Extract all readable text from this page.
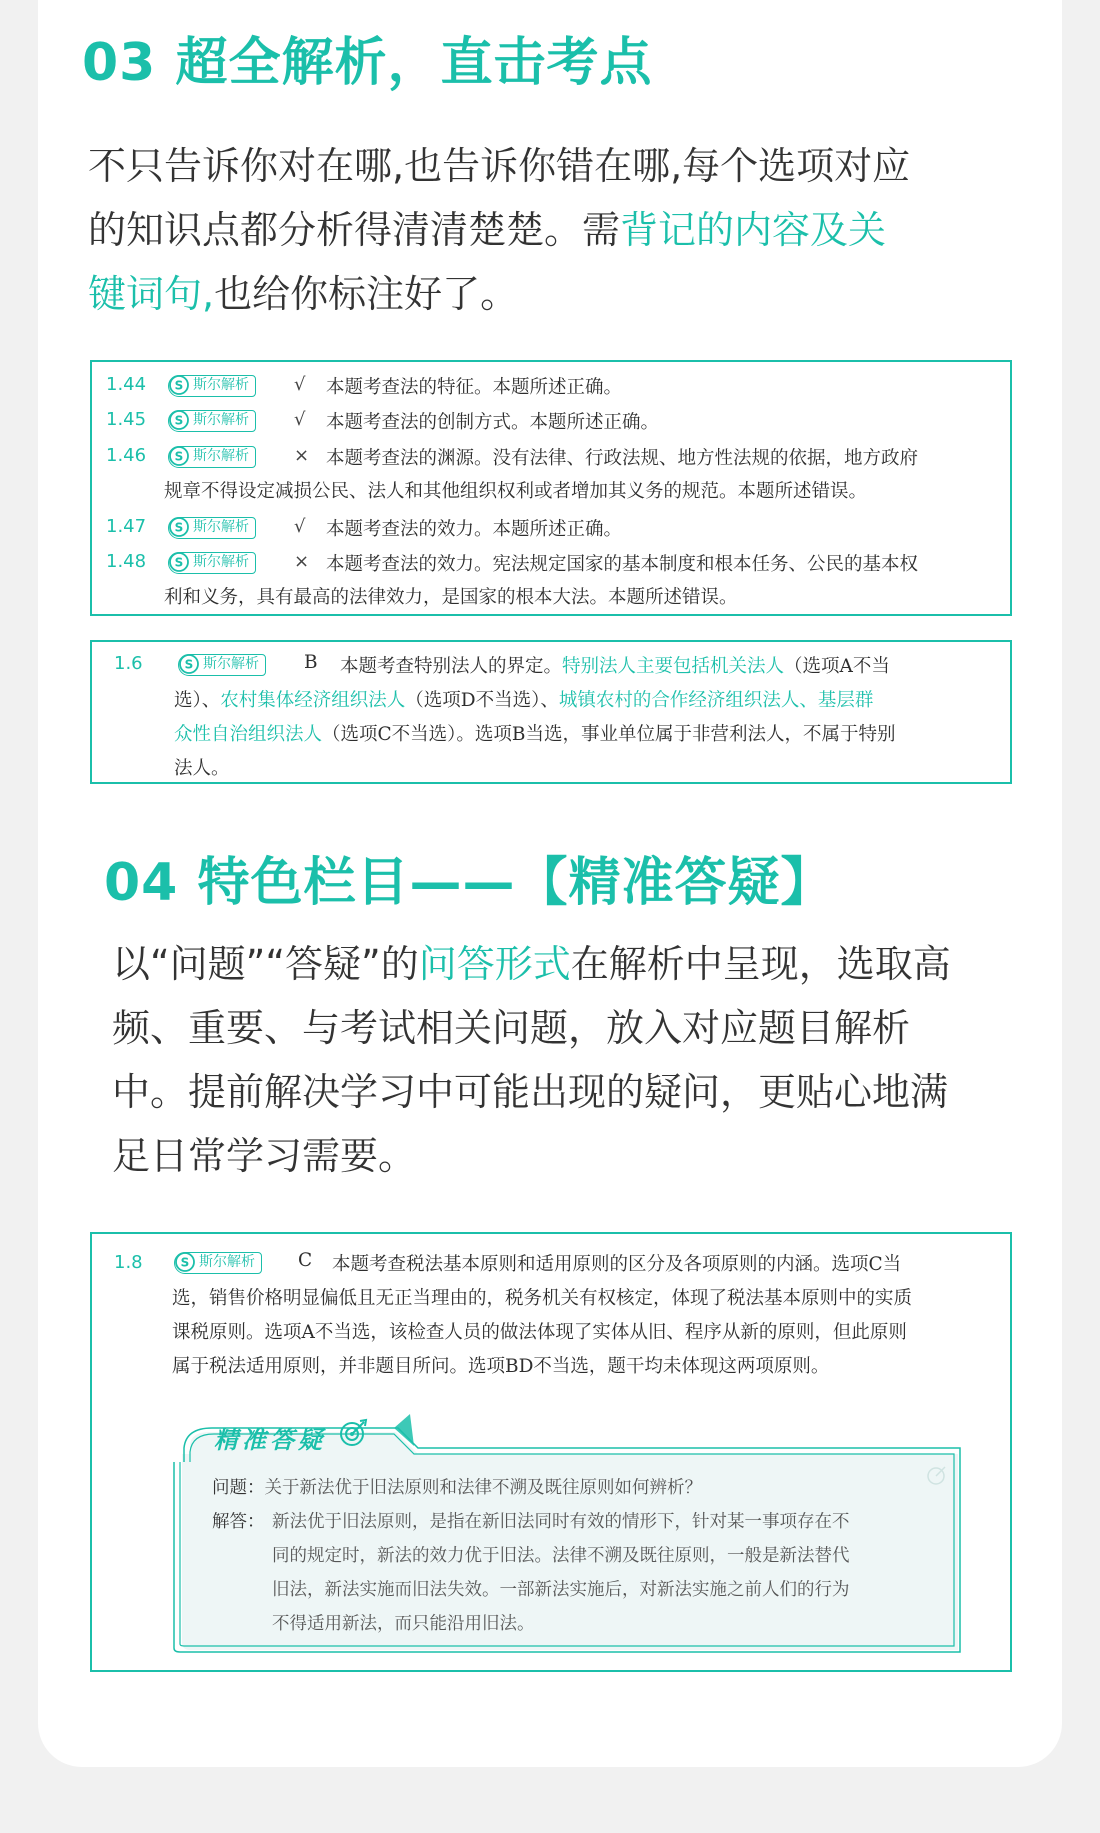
03 超全解析，直击考点
不只告诉你对在哪,也告诉你错在哪,每个选项对应
的知识点都分析得清清楚楚。需背记的内容及关
键词句,也给你标注好了。
1.44 S 斯尔解析	√ 本题考查法的特征。本题所述正确。
1.45 S 斯尔解析	√ 本题考查法的创制方式。本题所述正确。
1.46 S 斯尔解析	× 本题考查法的渊源。没有法律、行政法规、地方性法规的依据，地方政府
规章不得设定减损公民、法人和其他组织权利或者增加其义务的规范。本题所述错误。
1.47 S 斯尔解析	√ 本题考查法的效力。本题所述正确。
1.48 S 斯尔解析	× 本题考查法的效力。宪法规定国家的基本制度和根本任务、公民的基本权
利和义务，具有最高的法律效力，是国家的根本大法。本题所述错误。
1.6	S 斯尔解析	B 本题考查特别法人的界定。特别法人主要包括机关法人（选项A不当
选）、农村集体经济组织法人（选项D不当选）、城镇农村的合作经济组织法人、基层群
众性自治组织法人（选项C不当选）。选项B当选，事业单位属于非营利法人，不属于特别
法人。
04 特色栏目——【精准答疑】
以“问题”“答疑”的问答形式在解析中呈现，选取高
频、重要、与考试相关问题，放入对应题目解析
中。提前解决学习中可能出现的疑问，更贴心地满
足日常学习需要。
1.8	S 斯尔解析	C 本题考查税法基本原则和适用原则的区分及各项原则的内涵。选项C当
选，销售价格明显偏低且无正当理由的，税务机关有权核定，体现了税法基本原则中的实质
课税原则。选项A不当选，该检查人员的做法体现了实体从旧、程序从新的原则，但此原则
属于税法适用原则，并非题目所问。选项BD不当选，题干均未体现这两项原则。
精准答疑
问题：关于新法优于旧法原则和法律不溯及既往原则如何辨析？
解答： 新法优于旧法原则，是指在新旧法同时有效的情形下，针对某一事项存在不
同的规定时，新法的效力优于旧法。法律不溯及既往原则，一般是新法替代
旧法，新法实施而旧法失效。一部新法实施后，对新法实施之前人们的行为
不得适用新法，而只能沿用旧法。
